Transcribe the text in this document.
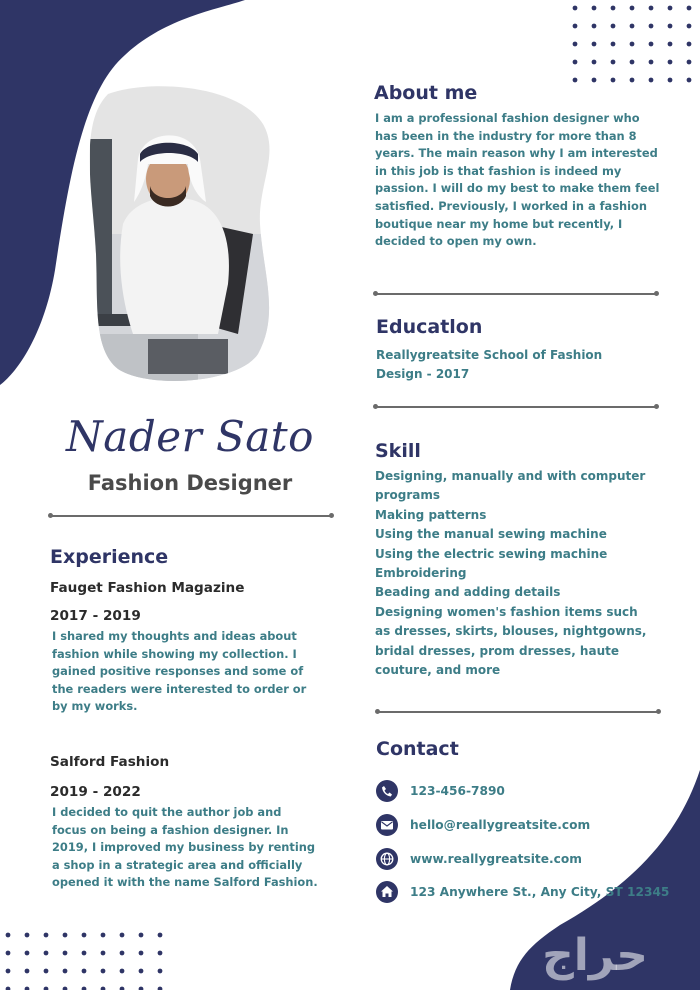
Nader Sato
Fashion Designer
Experience
Fauget Fashion Magazine
2017 - 2019
I shared my thoughts and ideas about
fashion while showing my collection. I
gained positive responses and some of
the readers were interested to order or
by my works.
Salford Fashion
2019 - 2022
I decided to quit the author job and
focus on being a fashion designer. In
2019, I improved my business by renting
a shop in a strategic area and officially
opened it with the name Salford Fashion.
About me
I am a professional fashion designer who
has been in the industry for more than 8
years. The main reason why I am interested
in this job is that fashion is indeed my
passion. I will do my best to make them feel
satisfied. Previously, I worked in a fashion
boutique near my home but recently, I
decided to open my own.
Educatlon
Reallygreatsite School of Fashion
Design - 2017
Skill
Designing, manually and with computer
programs
Making patterns
Using the manual sewing machine
Using the electric sewing machine
Embroidering
Beading and adding details
Designing women's fashion items such
as dresses, skirts, blouses, nightgowns,
bridal dresses, prom dresses, haute
couture, and more
Contact
123-456-7890
hello@reallygreatsite.com
www.reallygreatsite.com
123 Anywhere St., Any City, ST 12345
حراج
